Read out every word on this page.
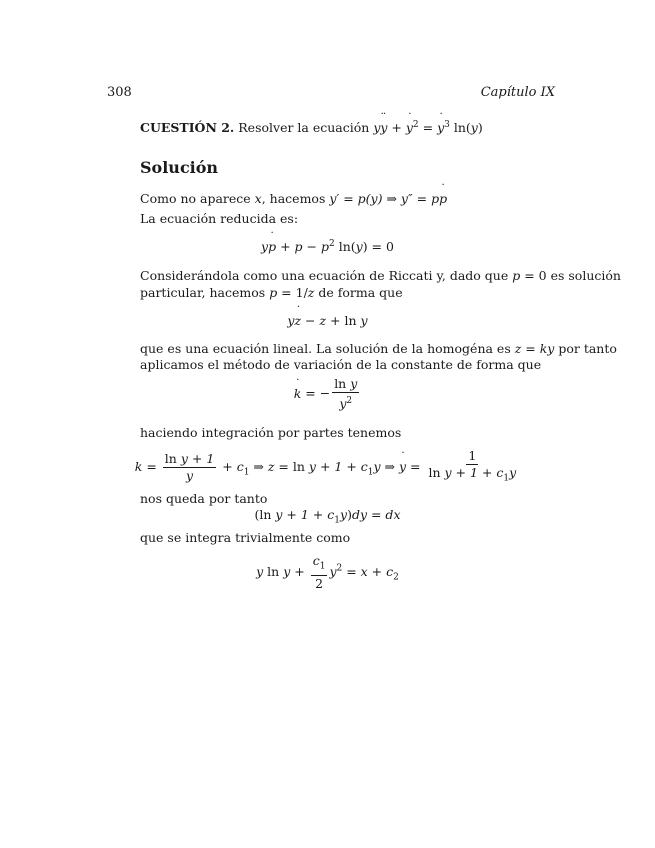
308	Capítulo IX
CUESTIÓN 2. Resolver la ecuación yy ¨ + y ˙$^2$ = y ˙$^3$ ln(y)
Solución
Como no aparece x, hacemos y′ = p(y) ⇒ y″ = pp ˙
La ecuación reducida es:
yp ˙ + $p - p^2$ ln(y) = 0
Considerándola como una ecuación de Riccati y, dado que p = 0 es solución
particular, hacemos p = 1/z de forma que
yz ˙ − z + ln y
que es una ecuación lineal. La solución de la homogéna es z = ky por tanto
aplicamos el método de variación de la constante de forma que
k ˙ = − $\frac{\text{ln y}}{y^2}$
haciendo integración por partes tenemos
$k = \frac{\text{ln y + 1}}{y} + c_1$ ⇒ $z = \ln y + 1 + c_1y$ ⇒ y ˙ = $\frac{1}{\ln y + 1 + c_1y}$
nos queda por tanto
(ln $y + 1 + c_1y)dy$ = dx
que se integra trivialmente como
y $\ln y + \frac{c_1}{2} y^2 = x + c_2$
